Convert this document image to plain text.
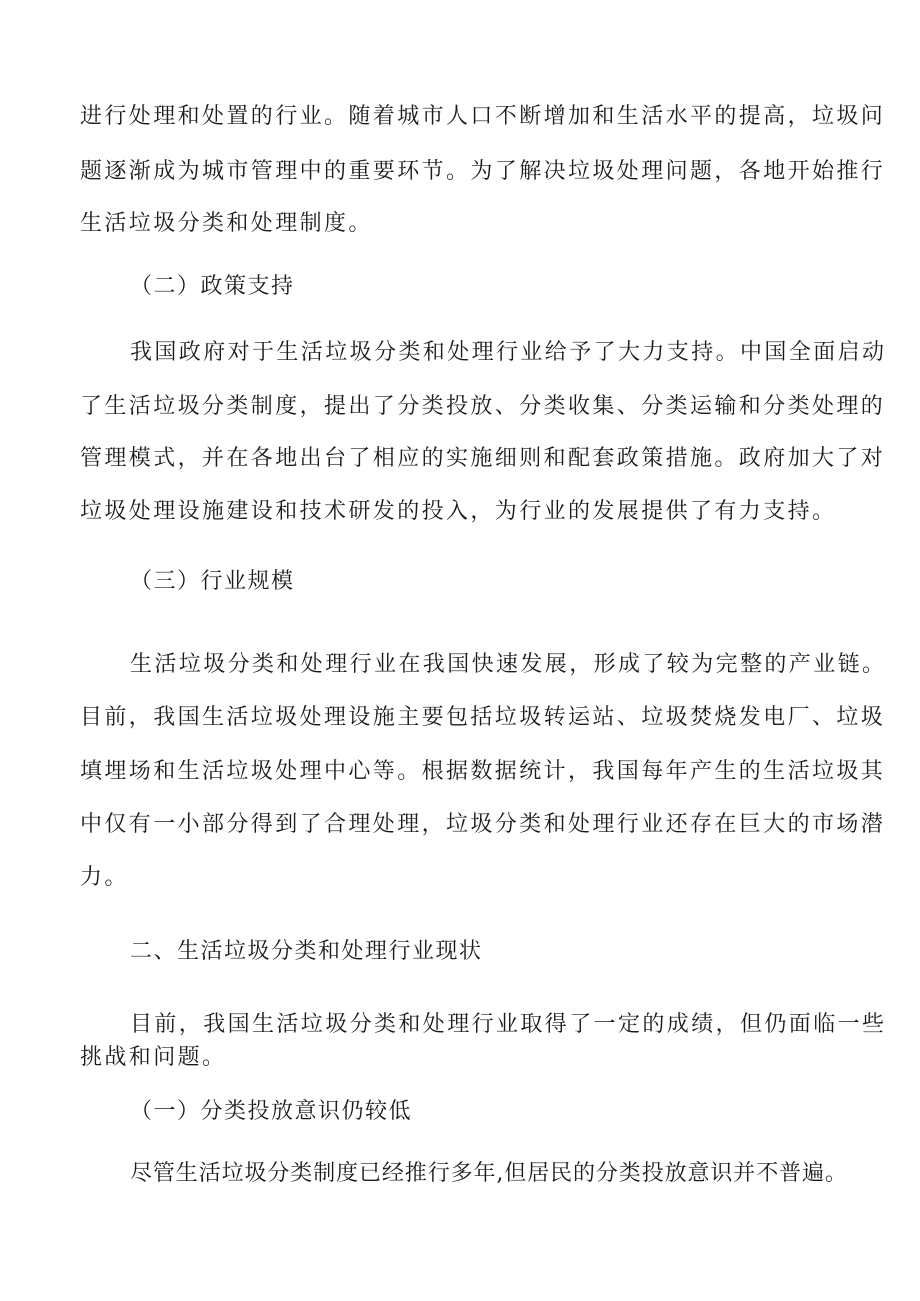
进行处理和处置的行业。随着城市人口不断增加和生活水平的提高，垃圾问
题逐渐成为城市管理中的重要环节。为了解决垃圾处理问题，各地开始推行
生活垃圾分类和处理制度。
（二）政策支持
我国政府对于生活垃圾分类和处理行业给予了大力支持。中国全面启动
了生活垃圾分类制度，提出了分类投放、分类收集、分类运输和分类处理的
管理模式，并在各地出台了相应的实施细则和配套政策措施。政府加大了对
垃圾处理设施建设和技术研发的投入，为行业的发展提供了有力支持。
（三）行业规模
生活垃圾分类和处理行业在我国快速发展，形成了较为完整的产业链。
目前，我国生活垃圾处理设施主要包括垃圾转运站、垃圾焚烧发电厂、垃圾
填埋场和生活垃圾处理中心等。根据数据统计，我国每年产生的生活垃圾其
中仅有一小部分得到了合理处理，垃圾分类和处理行业还存在巨大的市场潜
力。
二、生活垃圾分类和处理行业现状
目前，我国生活垃圾分类和处理行业取得了一定的成绩，但仍面临一些
挑战和问题。
（一）分类投放意识仍较低
尽管生活垃圾分类制度已经推行多年,但居民的分类投放意识并不普遍。
